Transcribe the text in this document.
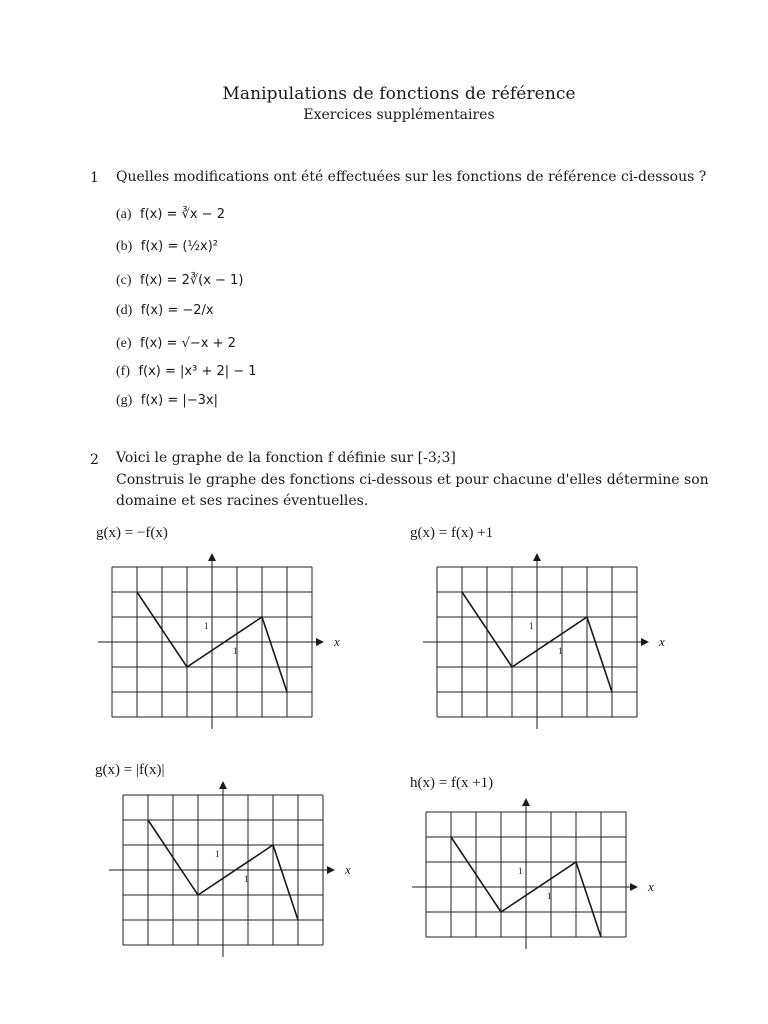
Manipulations de fonctions de référence
Exercices supplémentaires
1 Quelles modifications ont été effectuées sur les fonctions de référence ci-dessous ?
(a) f(x) = ∛x − 2
(b) f(x) = (½x)²
(c) f(x) = 2∛(x − 1)
(d) f(x) = −2/x
(e) f(x) = √−x + 2
(f) f(x) = |x³ + 2| − 1
(g) f(x) = |−3x|
2 Voici le graphe de la fonction f définie sur [-3;3]
Construis le graphe des fonctions ci-dessous et pour chacune d'elles détermine son
domaine et ses racines éventuelles.
g(x) = −f(x)	g(x) = f(x) +1
g(x) = |f(x)|
h(x) = f(x +1)
x
1
1
x
1
1
x
1
1	x
1
1
